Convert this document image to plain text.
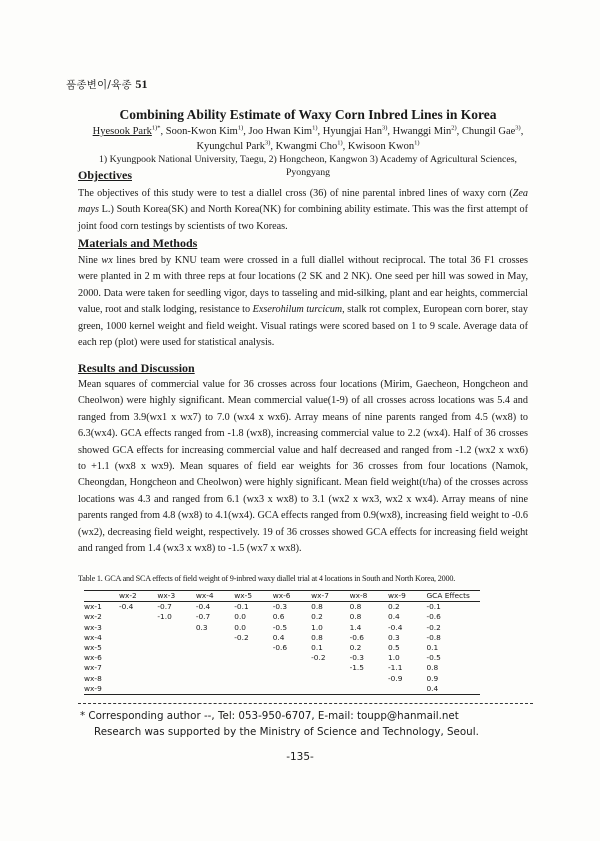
품종변이/육종 51
Combining Ability Estimate of Waxy Corn Inbred Lines in Korea
Hyesook Park$^{1)*}$, Soon-Kwon Kim$^{1)}$, Joo Hwan Kim$^{1)}$, Hyungjai Han$^{3)}$, Hwanggi Min$^{2)}$, Chungil Gae$^{3)}$, Kyungchul Park$^{3)}$, Kwangmi Cho$^{1)}$, Kwisoon Kwon$^{1)}$
1) Kyungpook National University, Taegu, 2) Hongcheon, Kangwon 3) Academy of Agricultural Sciences,
Pyongyang
Objectives
The objectives of this study were to test a diallel cross (36) of nine parental inbred lines of waxy corn (Zea mays L.) South Korea(SK) and North Korea(NK) for combining ability estimate. This was the first attempt of joint food corn testings by scientists of two Koreas.
Materials and Methods
Nine wx lines bred by KNU team were crossed in a full diallel without reciprocal. The total 36 F1 crosses were planted in 2 m with three reps at four locations (2 SK and 2 NK). One seed per hill was sowed in May, 2000. Data were taken for seedling vigor, days to tasseling and mid-silking, plant and ear heights, commercial value, root and stalk lodging, resistance to Exserohilum turcicum, stalk rot complex, European corn borer, stay green, 1000 kernel weight and field weight. Visual ratings were scored based on 1 to 9 scale. Average data of each rep (plot) were used for statistical analysis.
Results and Discussion
Mean squares of commercial value for 36 crosses across four locations (Mirim, Gaecheon, Hongcheon and Cheolwon) were highly significant. Mean commercial value(1-9) of all crosses across locations was 5.4 and ranged from 3.9(wx1 x wx7) to 7.0 (wx4 x wx6). Array means of nine parents ranged from 4.5 (wx8) to 6.3(wx4). GCA effects ranged from -1.8 (wx8), increasing commercial value to 2.2 (wx4). Half of 36 crosses showed GCA effects for increasing commercial value and half decreased and ranged from -1.2 (wx2 x wx6) to +1.1 (wx8 x wx9). Mean squares of field ear weights for 36 crosses from four locations (Namok, Cheongdan, Hongcheon and Cheolwon) were highly significant. Mean field weight(t/ha) of the crosses across locations was 4.3 and ranged from 6.1 (wx3 x wx8) to 3.1 (wx2 x wx3, wx2 x wx4). Array means of nine parents ranged from 4.8 (wx8) to 4.1(wx4). GCA effects ranged from 0.9(wx8), increasing field weight to -0.6 (wx2), decreasing field weight, respectively. 19 of 36 crosses showed GCA effects for increasing field weight and ranged from 1.4 (wx3 x wx8) to -1.5 (wx7 x wx8).
Table 1. GCA and SCA effects of field weight of 9-inbred waxy diallel trial at 4 locations in South and North Korea, 2000.
	wx-2	wx-3	wx-4	wx-5	wx-6	wx-7	wx-8	wx-9	GCA Effects
wx-1	-0.4	-0.7	-0.4	-0.1	-0.3	0.8	0.8	0.2	-0.1
wx-2		-1.0	-0.7	0.0	0.6	0.2	0.8	0.4	-0.6
wx-3			0.3	0.0	-0.5	1.0	1.4	-0.4	-0.2
wx-4				-0.2	0.4	0.8	-0.6	0.3	-0.8
wx-5					-0.6	0.1	0.2	0.5	0.1
wx-6						-0.2	-0.3	1.0	-0.5
wx-7							-1.5	-1.1	0.8
wx-8								-0.9	0.9
wx-9									0.4
* Corresponding author --, Tel: 053-950-6707, E-mail: toupp@hanmail.net
Research was supported by the Ministry of Science and Technology, Seoul.
-135-
